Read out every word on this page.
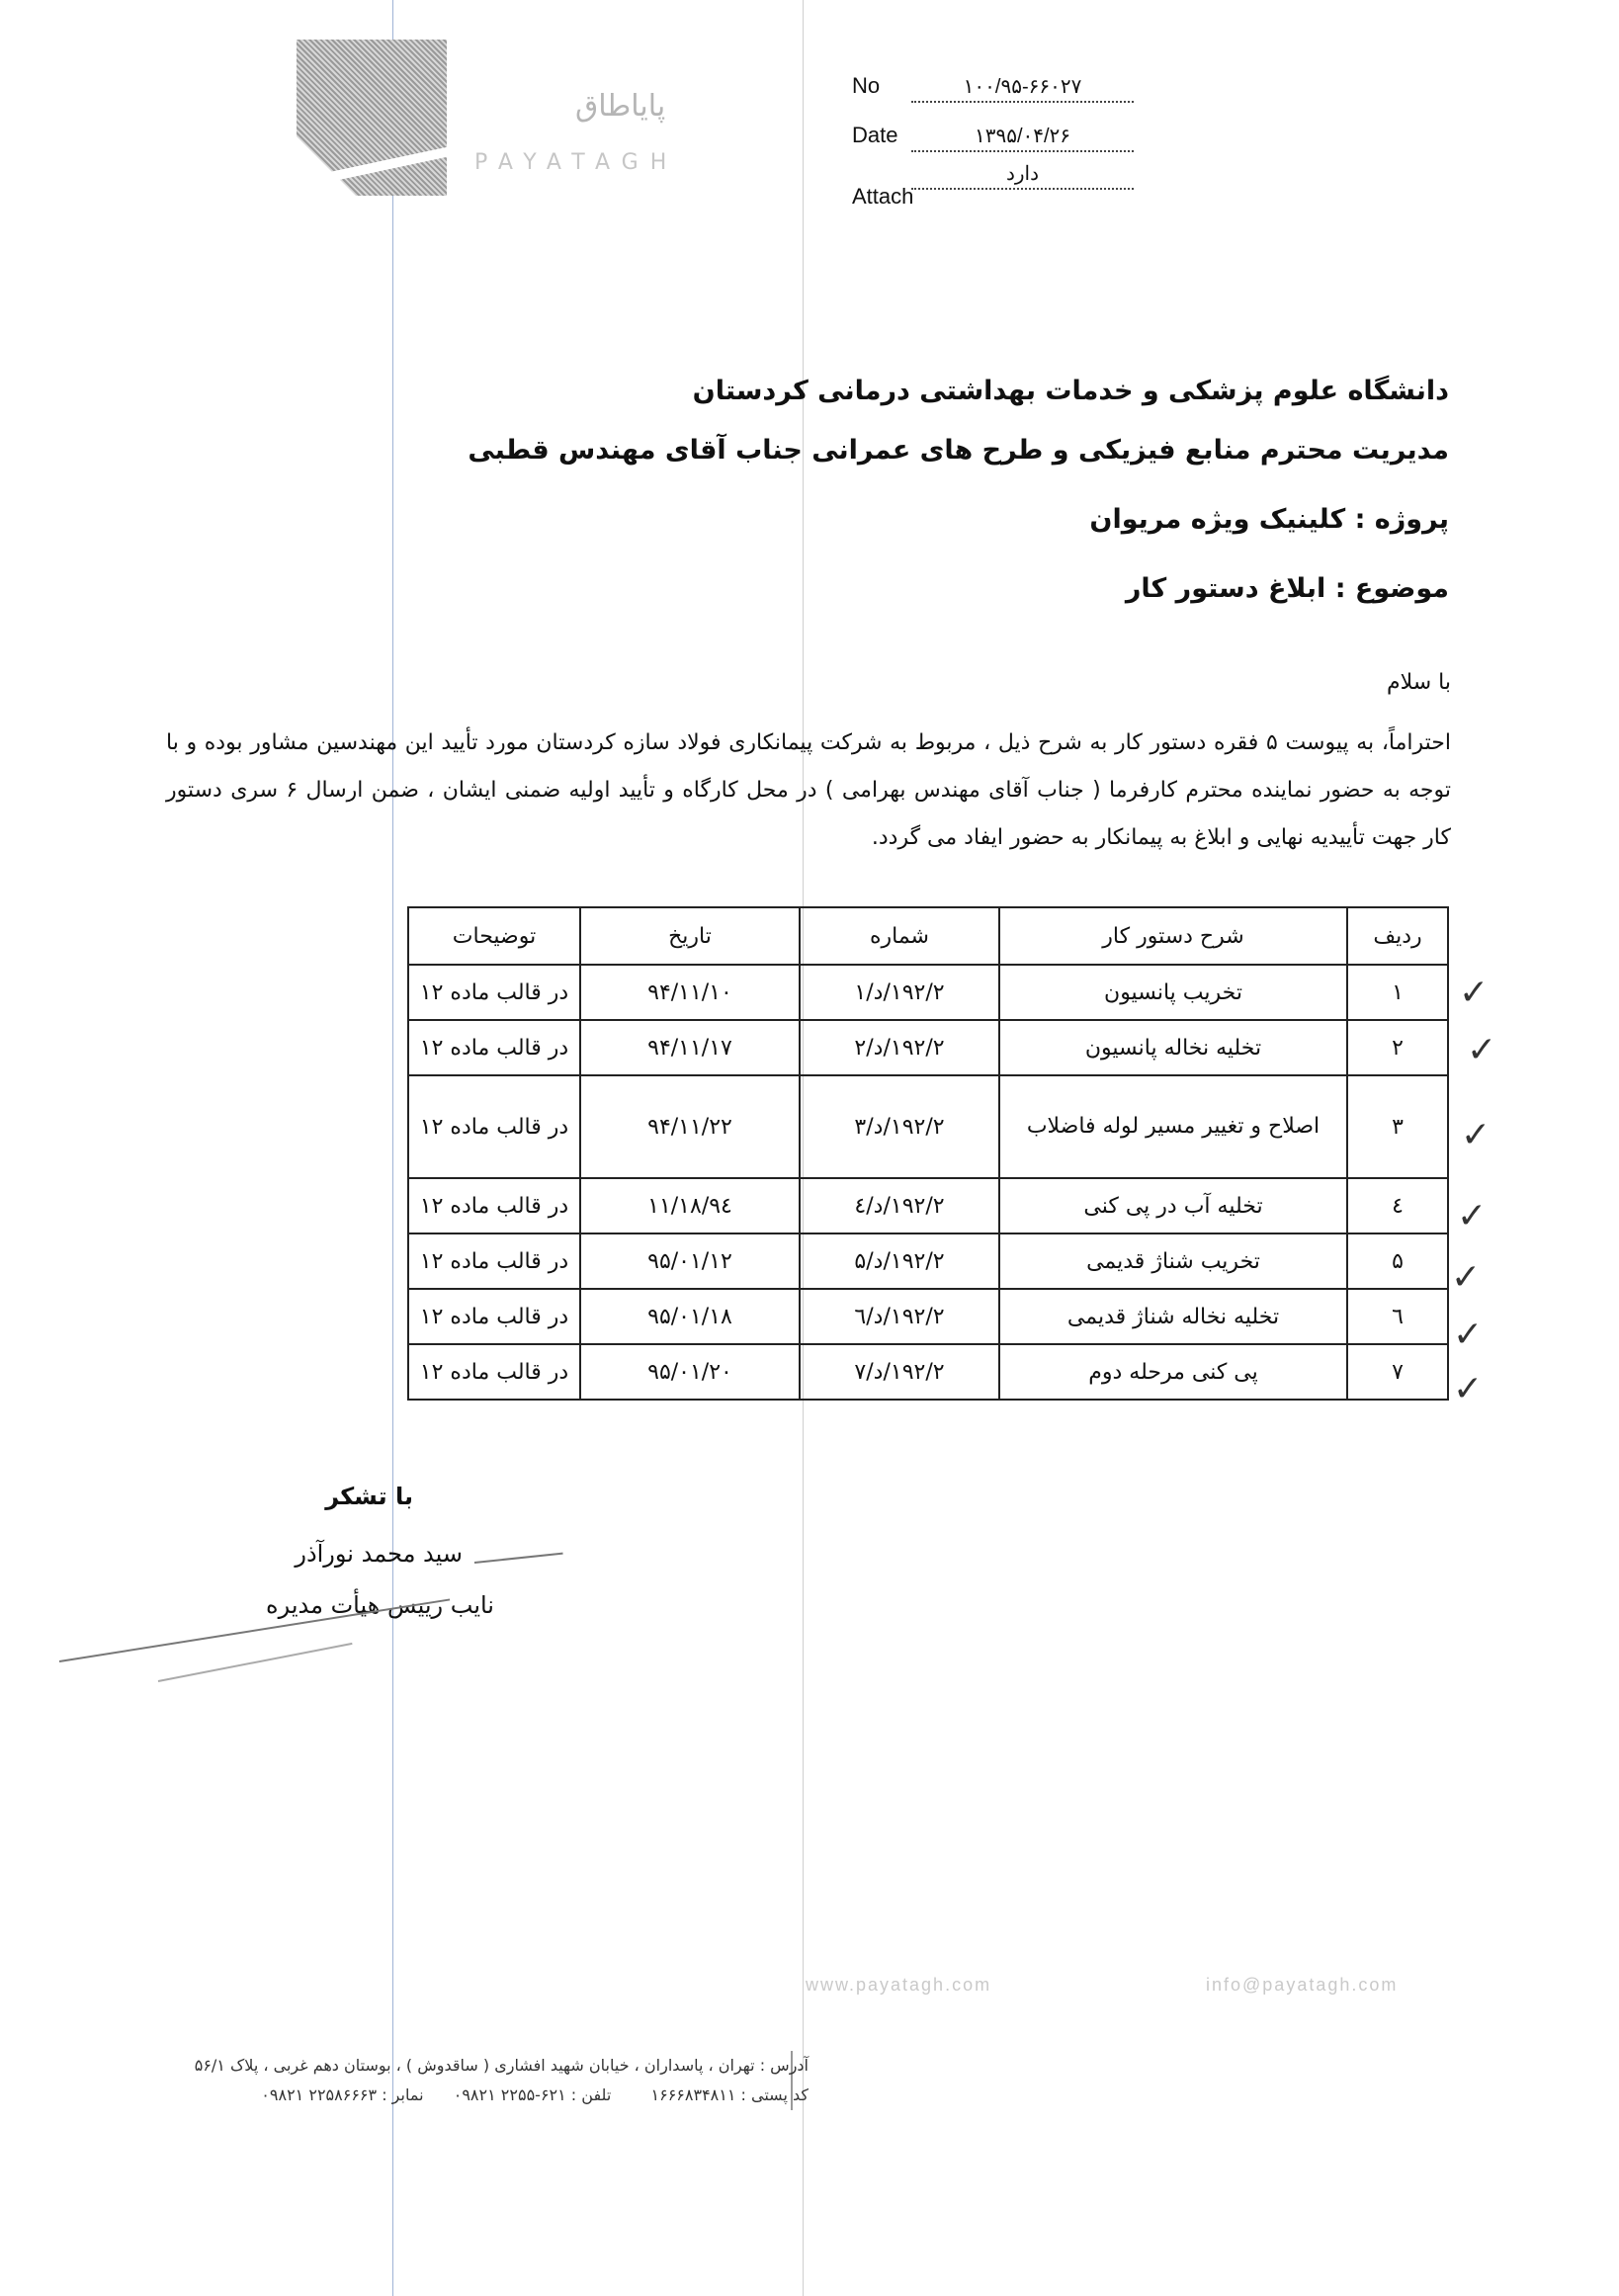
پایاطاق
PAYATAGH
No	۱۰۰/۹۵-۶۶۰۲۷
Date	۱۳۹۵/۰۴/۲۶
Attachدارد
دانشگاه علوم پزشکی و خدمات بهداشتی درمانی کردستان
مدیریت محترم منابع فیزیکی و طرح های عمرانی جناب آقای مهندس قطبی
پروژه : کلینیک ویژه مریوان
موضوع : ابلاغ دستور کار
با سلام
احتراماً، به پیوست ۵ فقره دستور کار به شرح ذیل ، مربوط به شرکت پیمانکاری فولاد سازه کردستان مورد تأیید این مهندسین مشاور بوده و با توجه به حضور نماینده محترم کارفرما ( جناب آقای مهندس بهرامی ) در محل کارگاه و تأیید اولیه ضمنی ایشان ، ضمن ارسال ۶ سری دستور کار جهت تأییدیه نهایی و ابلاغ به پیمانکار به حضور ایفاد می گردد.
ردیف	شرح دستور کار	شماره	تاریخ	توضیحات
۱	تخریب پانسیون	۱۹۲/۲/د/۱	۹۴/۱۱/۱۰	در قالب ماده ۱۲
۲	تخلیه نخاله پانسیون	۱۹۲/۲/د/۲	۹۴/۱۱/۱۷	در قالب ماده ۱۲
۳	اصلاح و تغییر مسیر لوله فاضلاب	۱۹۲/۲/د/۳	۹۴/۱۱/۲۲	در قالب ماده ۱۲
٤	تخلیه آب در پی کنی	۱۹۲/۲/د/٤	۹٤/۱۱/۱۸	در قالب ماده ۱۲
۵	تخریب شناژ قدیمی	۱۹۲/۲/د/۵	۹۵/۰۱/۱۲	در قالب ماده ۱۲
٦	تخلیه نخاله شناژ قدیمی	۱۹۲/۲/د/٦	۹۵/۰۱/۱۸	در قالب ماده ۱۲
۷	پی کنی مرحله دوم	۱۹۲/۲/د/۷	۹۵/۰۱/۲۰	در قالب ماده ۱۲
✓
✓
✓
✓
✓
✓
✓
با تشکر
سید محمد نورآذر
نایب رییس هیأت مدیره
www.payatagh.com	info@payatagh.com
آدرس : تهران ، پاسداران ، خیابان شهید افشاری ( ساقدوش ) ، بوستان دهم غربی ، پلاک ۵۶/۱
کد پستی : ۱۶۶۶۸۳۴۸۱۱  تلفن : ۶۲۱-۲۲۵۵ ۰۹۸۲۱  نمابر : ۲۲۵۸۶۶۶۳ ۰۹۸۲۱
